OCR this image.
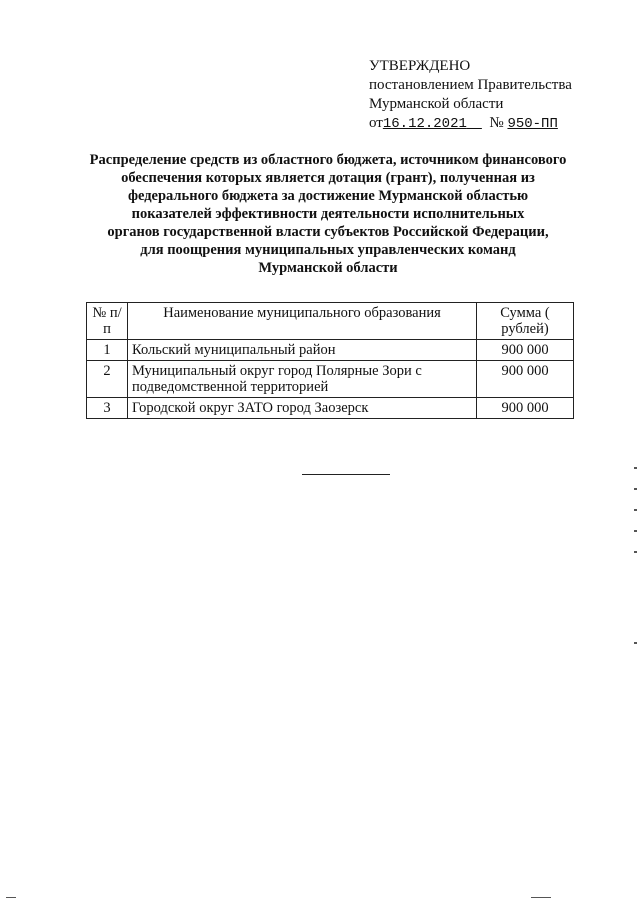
УТВЕРЖДЕНО
постановлением Правительства
Мурманской области
от16.12.2021 № 950-ПП
Распределение средств из областного бюджета, источником финансового
обеспечения которых является дотация (грант), полученная из
федерального бюджета за достижение Мурманской областью
показателей эффективности деятельности исполнительных
органов государственной власти субъектов Российской Федерации,
для поощрения муниципальных управленческих команд
Мурманской области
№ п/п	Наименование муниципального образования	Сумма ( рублей)
1	Кольский муниципальный район	900 000
2	Муниципальный округ город Полярные Зори с подведомственной территорией	900 000
3	Городской округ ЗАТО город Заозерск	900 000
